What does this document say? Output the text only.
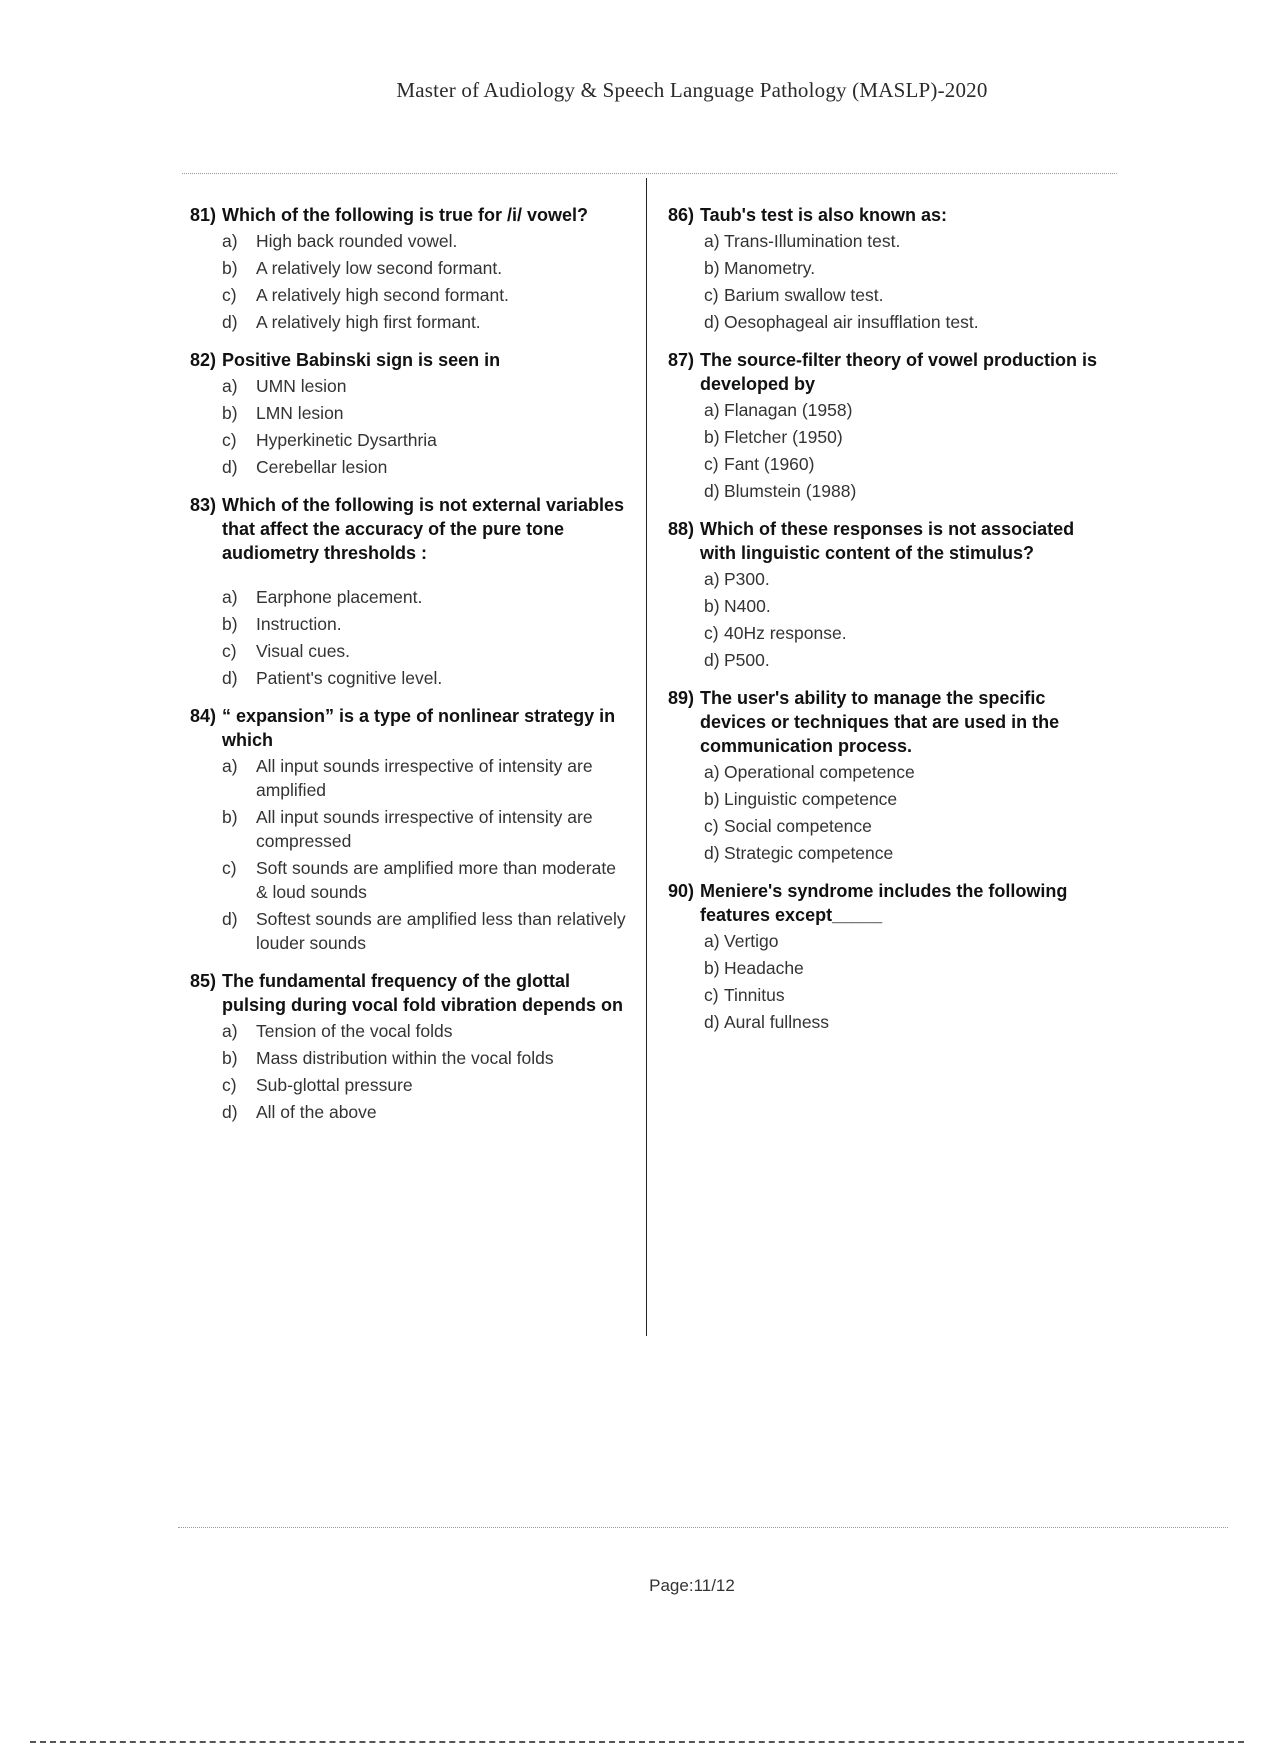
Master of Audiology & Speech Language Pathology (MASLP)-2020
81) Which of the following is true for /i/ vowel?
a)	High back rounded vowel.
b)	A relatively low second formant.
c)	A relatively high second formant.
d)	A relatively high first formant.
82) Positive Babinski sign is seen in
a)	UMN lesion
b)	LMN lesion
c)	Hyperkinetic Dysarthria
d)	Cerebellar lesion
83) Which of the following is not external variables that affect the accuracy of the pure tone audiometry thresholds :
a)	Earphone placement.
b)	Instruction.
c)	Visual cues.
d)	Patient's cognitive level.
84) “ expansion” is a type of nonlinear strategy in which
a)	All input sounds irrespective of intensity are amplified
b)	All input sounds irrespective of intensity are compressed
c)	Soft sounds are amplified more than moderate & loud sounds
d)	Softest sounds are amplified less than relatively louder sounds
85) The fundamental frequency of the glottal pulsing during vocal fold vibration depends on
a)	Tension of the vocal folds
b)	Mass distribution within the vocal folds
c)	Sub-glottal pressure
d)	All of the above
86) Taub's test is also known as:
a) Trans-Illumination test.
b) Manometry.
c) Barium swallow test.
d) Oesophageal air insufflation test.
87) The source-filter theory of vowel production is developed by
a) Flanagan (1958)
b) Fletcher (1950)
c) Fant (1960)
d) Blumstein (1988)
88) Which of these responses is not associated with linguistic content of the stimulus?
a) P300.
b) N400.
c) 40Hz response.
d) P500.
89) The user's ability to manage the specific devices or techniques that are used in the communication process.
a) Operational competence
b) Linguistic competence
c) Social competence
d) Strategic competence
90) Meniere's syndrome includes the following features except_____
a) Vertigo
b) Headache
c) Tinnitus
d) Aural fullness
Page:11/12
